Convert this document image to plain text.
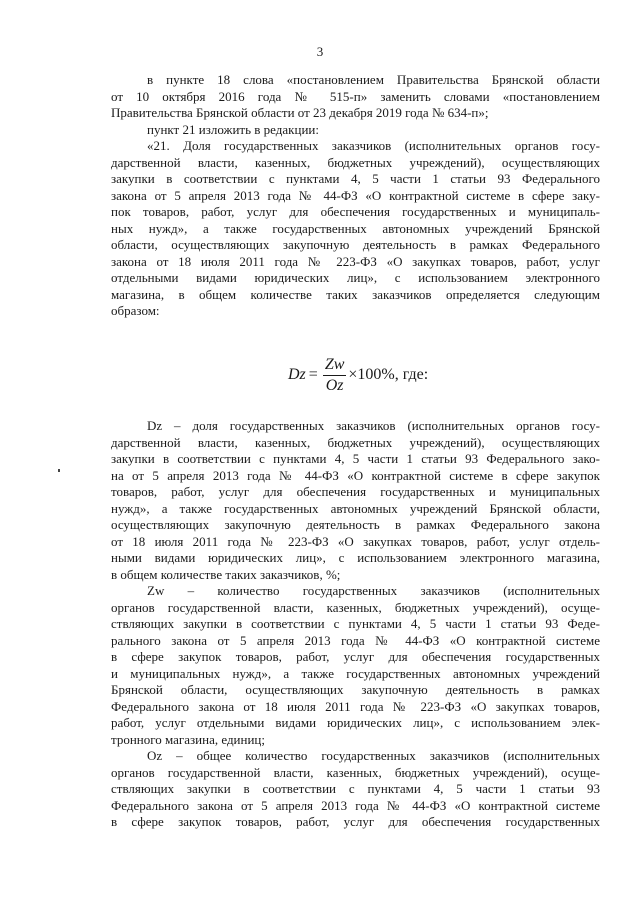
3
в пункте 18 слова «постановлением Правительства Брянской области
от 10 октября 2016 года № 515-п» заменить словами «постановлением
Правительства Брянской области от 23 декабря 2019 года № 634-п»;
пункт 21 изложить в редакции:
«21. Доля государственных заказчиков (исполнительных органов госу-
дарственной власти, казенных, бюджетных учреждений), осуществляющих
закупки в соответствии с пунктами 4, 5 части 1 статьи 93 Федерального
закона от 5 апреля 2013 года № 44-ФЗ «О контрактной системе в сфере заку-
пок товаров, работ, услуг для обеспечения государственных и муниципаль-
ных нужд», а также государственных автономных учреждений Брянской
области, осуществляющих закупочную деятельность в рамках Федерального
закона от 18 июля 2011 года № 223-ФЗ «О закупках товаров, работ, услуг
отдельными видами юридических лиц», с использованием электронного
магазина, в общем количестве таких заказчиков определяется следующим
образом:
$Dz = \frac{Zw}{Oz} \times 100\%$, где:
Dz – доля государственных заказчиков (исполнительных органов госу-
дарственной власти, казенных, бюджетных учреждений), осуществляющих
закупки в соответствии с пунктами 4, 5 части 1 статьи 93 Федерального зако-
на от 5 апреля 2013 года № 44-ФЗ «О контрактной системе в сфере закупок
товаров, работ, услуг для обеспечения государственных и муниципальных
нужд», а также государственных автономных учреждений Брянской области,
осуществляющих закупочную деятельность в рамках Федерального закона
от 18 июля 2011 года № 223-ФЗ «О закупках товаров, работ, услуг отдель-
ными видами юридических лиц», с использованием электронного магазина,
в общем количестве таких заказчиков, %;
Zw – количество государственных заказчиков (исполнительных
органов государственной власти, казенных, бюджетных учреждений), осуще-
ствляющих закупки в соответствии с пунктами 4, 5 части 1 статьи 93 Феде-
рального закона от 5 апреля 2013 года № 44-ФЗ «О контрактной системе
в сфере закупок товаров, работ, услуг для обеспечения государственных
и муниципальных нужд», а также государственных автономных учреждений
Брянской области, осуществляющих закупочную деятельность в рамках
Федерального закона от 18 июля 2011 года № 223-ФЗ «О закупках товаров,
работ, услуг отдельными видами юридических лиц», с использованием элек-
тронного магазина, единиц;
Oz – общее количество государственных заказчиков (исполнительных
органов государственной власти, казенных, бюджетных учреждений), осуще-
ствляющих закупки в соответствии с пунктами 4, 5 части 1 статьи 93
Федерального закона от 5 апреля 2013 года № 44-ФЗ «О контрактной системе
в сфере закупок товаров, работ, услуг для обеспечения государственных
